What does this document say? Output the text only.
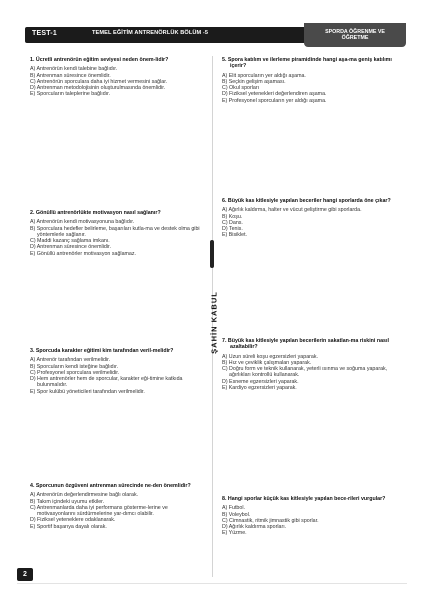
TEST-1	TEMEL EĞİTİM ANTRENÖRLÜK BÖLÜM -5	SPORDA ÖĞRENME VE ÖĞRETME
ŞAHİN KABUL
1. Ücretli antrenörün eğitim seviyesi neden önem-lidir?
A) Antrenörün kendi talebine bağlıdır.
B) Antrenman süresince önemlidir.
C) Antrenörün sporculara daha iyi hizmet vermesini sağlar.
D) Antrenman metodolojisinin oluşturulmasında önemlidir.
E) Sporcuların taleplerine bağlıdır.
2. Gönüllü antrenörlükte motivasyon nasıl sağlanır?
A) Antrenörün kendi motivasyonuna bağlıdır.
B) Sporculara hedefler belirleme, başarıları kutla-ma ve destek olma gibi yöntemlerle sağlanır.
C) Maddi kazanç sağlama imkanı.
D) Antrenman süresince önemlidir.
E) Gönüllü antrenörler motivasyon sağlamaz.
3. Sporcuda karakter eğitimi kim tarafından veril-melidir?
A) Antrenör tarafından verilmelidir.
B) Sporcuların kendi isteğine bağlıdır.
C) Profesyonel sporculara verilmelidir.
D) Hem antrenörler hem de sporcular, karakter eği-timine katkıda bulunmalıdır.
E) Spor kulübü yöneticileri tarafından verilmelidir.
4. Sporcunun özgüveni antrenman sürecinde ne-den önemlidir?
A) Antrenörün değerlendirmesine bağlı olarak.
B) Takım içindeki uyumu etkiler.
C) Antrenmanlarda daha iyi performans gösterme-lerine ve motivasyonlarını sürdürmelerine yar-dımcı olabilir.
D) Fiziksel yeteneklere odaklanarak.
E) Sportif başarıya dayalı olarak.
5. Spora katılım ve ilerleme piramidinde hangi aşa-ma geniş katılımı içerir?
A) Elit sporcuların yer aldığı aşama.
B) Seçkin gelişim aşaması.
C) Okul sporları
D) Fiziksel yetenekleri değerlendiren aşama.
E) Profesyonel sporcuların yer aldığı aşama.
6. Büyük kas kitlesiyle yapılan beceriler hangi sporlarda öne çıkar?
A) Ağırlık kaldırma, halter ve vücut geliştirme gibi sporlarda.
B) Koşu.
C) Dans.
D) Tenis.
E) Bisiklet.
7. Büyük kas kitlesiyle yapılan becerilerin sakatlan-ma riskini nasıl azaltabilir?
A) Uzun süreli koşu egzersizleri yaparak.
B) Hız ve çeviklik çalışmaları yaparak.
C) Doğru form ve teknik kullanarak, yeterli ısınma ve soğuma yaparak, ağırlıkları kontrollü kullanarak.
D) Esneme egzersizleri yaparak.
E) Kardiyo egzersizleri yaparak.
8. Hangi sporlar küçük kas kitlesiyle yapılan bece-rileri vurgular?
A) Futbol.
B) Voleybol.
C) Cimnastik, ritmik jimnastik gibi sporlar.
D) Ağırlık kaldırma sporları.
E) Yüzme.
2
